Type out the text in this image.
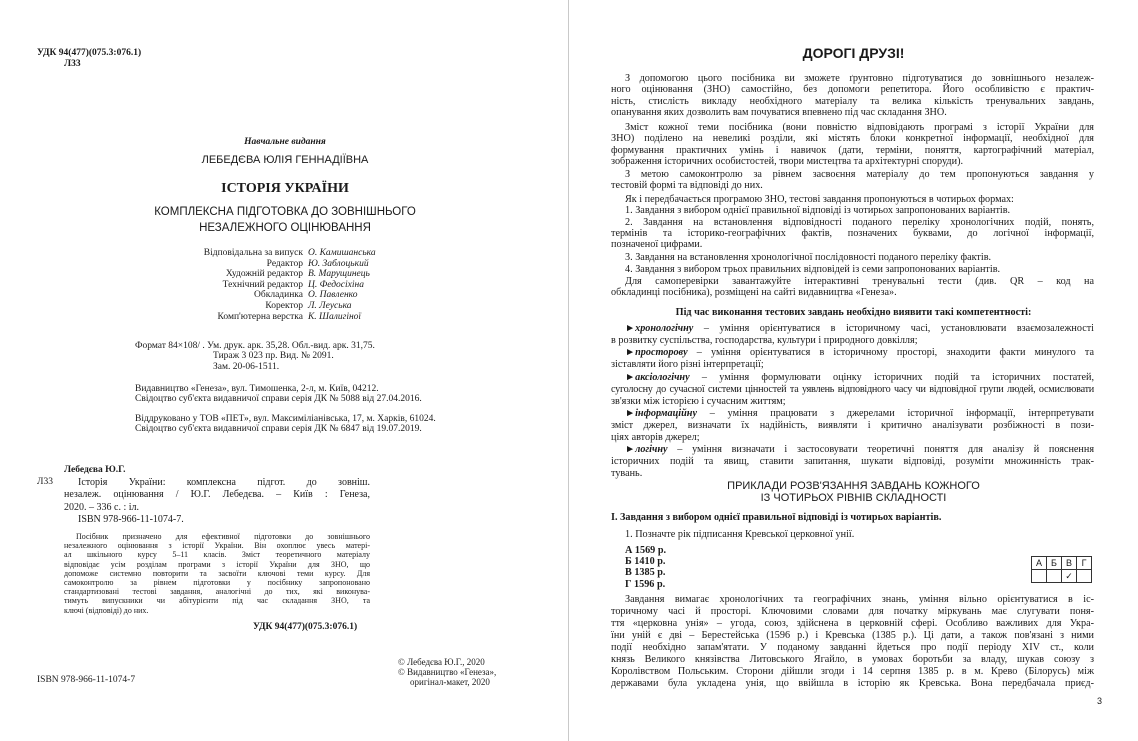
УДК 94(477)(075.3:076.1)
Л33
Навчальне видання
ЛЕБЕДЄВА ЮЛІЯ ГЕННАДІЇВНА
ІСТОРІЯ УКРАЇНИ
КОМПЛЕКСНА ПІДГОТОВКА ДО ЗОВНІШНЬОГО
НЕЗАЛЕЖНОГО ОЦІНЮВАННЯ
Відповідальна за випуск О. Камишанська
Редактор Ю. Заблоцький
Художній редактор В. Марущинець
Технічний редактор Ц. Федосіхіна
Обкладинка О. Павленко
Коректор Л. Леуська
Комп'ютерна верстка К. Шалигіної
Формат 84×108/ . Ум. друк. арк. 35,28. Обл.-вид. арк. 31,75.
Тираж 3 023 пр. Вид. № 2091.
Зам. 20-06-1511.
Видавництво «Генеза», вул. Тимошенка, 2-л, м. Київ, 04212.
Свідоцтво суб'єкта видавничої справи серія ДК № 5088 від 27.04.2016.
Віддруковано у ТОВ «ПЕТ», вул. Максиміліанівська, 17, м. Харків, 61024.
Свідоцтво суб'єкта видавничої справи серія ДК № 6847 від 19.07.2019.
Лебедєва Ю.Г.
Л33	Історія України: комплексна підгот. до зовніш.
незалеж. оцінювання / Ю.Г. Лебедєва. – Київ : Генеза,
2020. – 336 с. : іл.
ISBN 978-966-11-1074-7.
Посібник призначено для ефективної підготовки до зовнішнього
незалежного оцінювання з історії України. Він охоплює увесь матері-
ал шкільного курсу 5–11 класів. Зміст теоретичного матеріалу
відповідає усім розділам програми з історії України для ЗНО, що
допоможе системно повторити та засвоїти ключові теми курсу. Для
самоконтролю за рівнем підготовки у посібнику запропоновано
стандартизовані тестові завдання, аналогічні до тих, які виконува-
тимуть випускники чи абітурієнти під час складання ЗНО, та
ключі (відповіді) до них.
УДК 94(477)(075.3:076.1)
ISBN 978-966-11-1074-7
© Лебедєва Ю.Г., 2020
© Видавництво «Генеза»,
оригінал-макет, 2020
ДОРОГІ ДРУЗІ!
З допомогою цього посібника ви зможете ґрунтовно підготуватися до зовнішнього незалеж-
ного оцінювання (ЗНО) самостійно, без допомоги репетитора. Його особливістю є практич-
ність, стислість викладу необхідного матеріалу та велика кількість тренувальних завдань,
опанування яких дозволить вам почуватися впевнено під час складання ЗНО.
Зміст кожної теми посібника (вони повністю відповідають програмі з історії України для
ЗНО) поділено на невеликі розділи, які містять блоки конкретної інформації, необхідної для
формування практичних умінь і навичок (дати, терміни, поняття, картографічний матеріал,
зображення історичних особистостей, твори мистецтва та архітектурні споруди).
З метою самоконтролю за рівнем засвоєння матеріалу до тем пропонуються завдання у
тестовій формі та відповіді до них.
Як і передбачається програмою ЗНО, тестові завдання пропонуються в чотирьох формах:
1. Завдання з вибором однієї правильної відповіді із чотирьох запропонованих варіантів.
2. Завдання на встановлення відповідності поданого переліку хронологічних подій, понять,
термінів та історико-географічних фактів, позначених буквами, до логічної інформації,
позначеної цифрами.
3. Завдання на встановлення хронологічної послідовності поданого переліку фактів.
4. Завдання з вибором трьох правильних відповідей із семи запропонованих варіантів.
Для самоперевірки завантажуйте інтерактивні тренувальні тести (див. QR – код на
обкладинці посібника), розміщені на сайті видавництва «Генеза».
Під час виконання тестових завдань необхідно виявити такі компетентності:
►хронологічну – уміння орієнтуватися в історичному часі, установлювати взаємозалежності
в розвитку суспільства, господарства, культури і природного довкілля;
►просторову – уміння орієнтуватися в історичному просторі, знаходити факти минулого та
зіставляти його різні інтерпретації;
►аксіологічну – уміння формулювати оцінку історичних подій та історичних постатей,
суголосну до сучасної системи цінностей та уявлень відповідного часу чи відповідної групи людей, осмислювати
зв'язки між історією і сучасним життям;
►інформаційну – уміння працювати з джерелами історичної інформації, інтерпретувати
зміст джерел, визначати їх надійність, виявляти і критично аналізувати розбіжності в пози-
ціях авторів джерел;
►логічну – уміння визначати і застосовувати теоретичні поняття для аналізу й пояснення
історичних подій та явищ, ставити запитання, шукати відповіді, розуміти множинність трак-
тувань.
ПРИКЛАДИ РОЗВ'ЯЗАННЯ ЗАВДАНЬ КОЖНОГО
ІЗ ЧОТИРЬОХ РІВНІВ СКЛАДНОСТІ
І. Завдання з вибором однієї правильної відповіді із чотирьох варіантів.
1. Позначте рік підписання Кревської церковної унії.
А 1569 р.
Б 1410 р.
В 1385 р.
Г 1596 р.
А	Б	В	Г
		✓	
Завдання вимагає хронологічних та географічних знань, уміння вільно орієнтуватися в іс-
торичному часі й просторі. Ключовими словами для початку міркувань має слугувати поня-
ття «церковна унія» – угода, союз, здійснена в церковній сфері. Особливо важливих для Укра-
їни уній є дві – Берестейська (1596 р.) і Кревська (1385 р.). Ці дати, а також пов'язані з ними
події необхідно запам'ятати. У поданому завданні йдеться про події періоду XIV ст., коли
князь Великого князівства Литовського Ягайло, в умовах боротьби за владу, шукав союзу з
Королівством Польським. Сторони дійшли згоди і 14 серпня 1385 р. в м. Крево (Білорусь) між
державами була укладена унія, що ввійшла в історію як Кревська. Вона передбачала приєд-
3
